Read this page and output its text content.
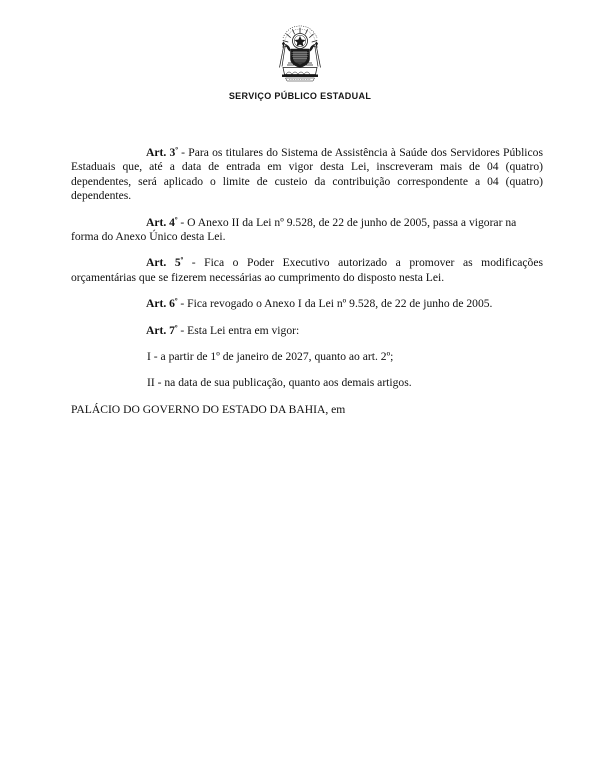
SERVIÇO PÚBLICO ESTADUAL

Art. $3^º$ - Para os titulares do Sistema de Assistência à Saúde dos Servidores Públicos Estaduais que, até a data de entrada em vigor desta Lei, inscreveram mais de 04 (quatro) dependentes, será aplicado o limite de custeio da contribuição correspondente a 04 (quatro) dependentes.

Art. $4^º$ - O Anexo II da Lei nº 9.528, de 22 de junho de 2005, passa a vigorar na forma do Anexo Único desta Lei.

Art. $5^º$ - Fica o Poder Executivo autorizado a promover as modificações orçamentárias que se fizerem necessárias ao cumprimento do disposto nesta Lei.

Art. $6^º$ - Fica revogado o Anexo I da Lei nº 9.528, de 22 de junho de 2005.

Art. $7^º$ - Esta Lei entra em vigor:

I - a partir de 1º de janeiro de 2027, quanto ao art. 2º;

II - na data de sua publicação, quanto aos demais artigos.

PALÁCIO DO GOVERNO DO ESTADO DA BAHIA, em
